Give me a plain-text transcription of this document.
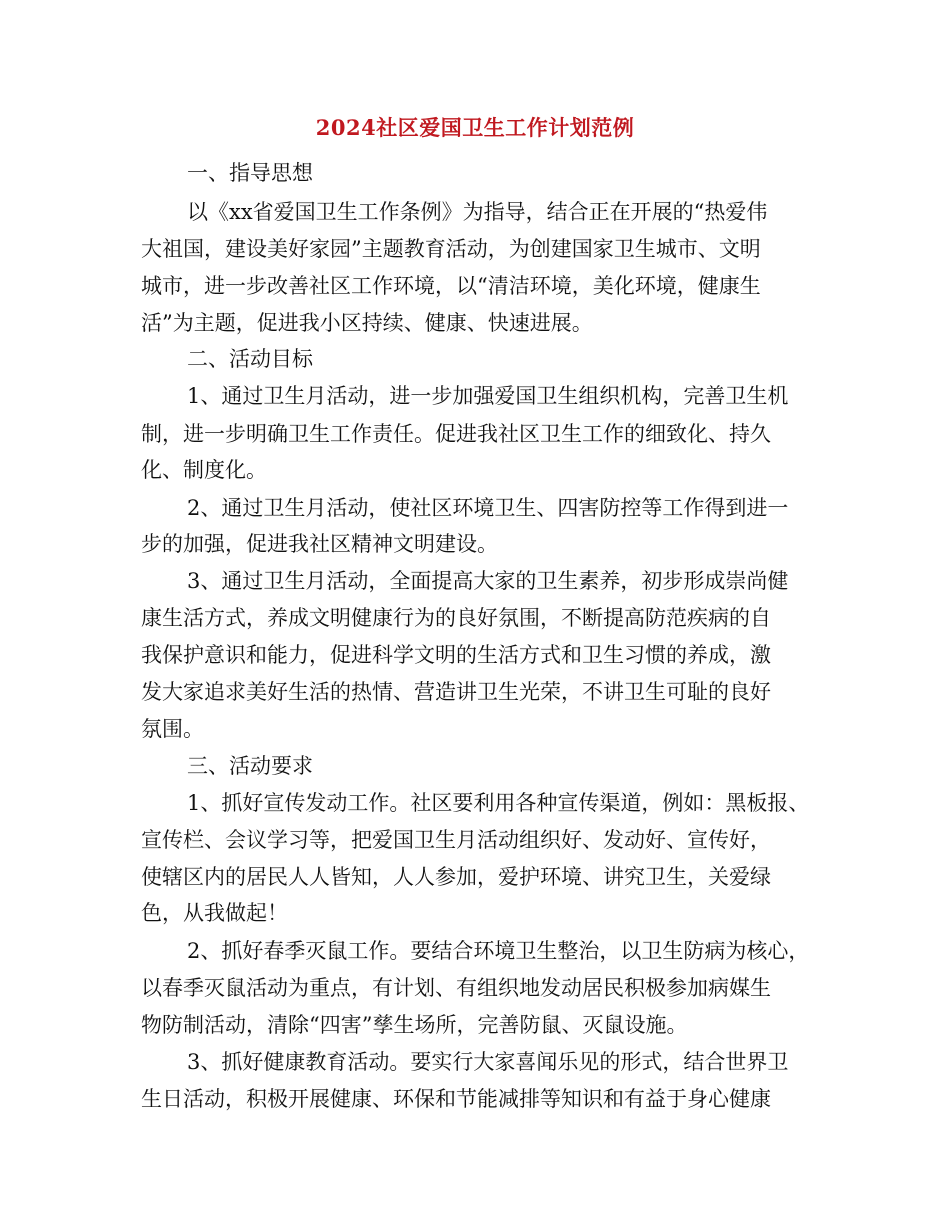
2024社区爱国卫生工作计划范例

一、指导思想

以《xx省爱国卫生工作条例》为指导，结合正在开展的“热爱伟

大祖国，建设美好家园”主题教育活动，为创建国家卫生城市、文明

城市，进一步改善社区工作环境，以“清洁环境，美化环境，健康生

活”为主题，促进我小区持续、健康、快速进展。

二、活动目标

1、通过卫生月活动，进一步加强爱国卫生组织机构，完善卫生机

制，进一步明确卫生工作责任。促进我社区卫生工作的细致化、持久

化、制度化。

2、通过卫生月活动，使社区环境卫生、四害防控等工作得到进一

步的加强，促进我社区精神文明建设。

3、通过卫生月活动，全面提高大家的卫生素养，初步形成崇尚健

康生活方式，养成文明健康行为的良好氛围，不断提高防范疾病的自

我保护意识和能力，促进科学文明的生活方式和卫生习惯的养成，激

发大家追求美好生活的热情、营造讲卫生光荣，不讲卫生可耻的良好

氛围。

三、活动要求

1、抓好宣传发动工作。社区要利用各种宣传渠道，例如：黑板报、

宣传栏、会议学习等，把爱国卫生月活动组织好、发动好、宣传好，

使辖区内的居民人人皆知，人人参加，爱护环境、讲究卫生，关爱绿

色，从我做起！

2、抓好春季灭鼠工作。要结合环境卫生整治，以卫生防病为核心，

以春季灭鼠活动为重点，有计划、有组织地发动居民积极参加病媒生

物防制活动，清除“四害”孳生场所，完善防鼠、灭鼠设施。

3、抓好健康教育活动。要实行大家喜闻乐见的形式，结合世界卫

生日活动，积极开展健康、环保和节能减排等知识和有益于身心健康
